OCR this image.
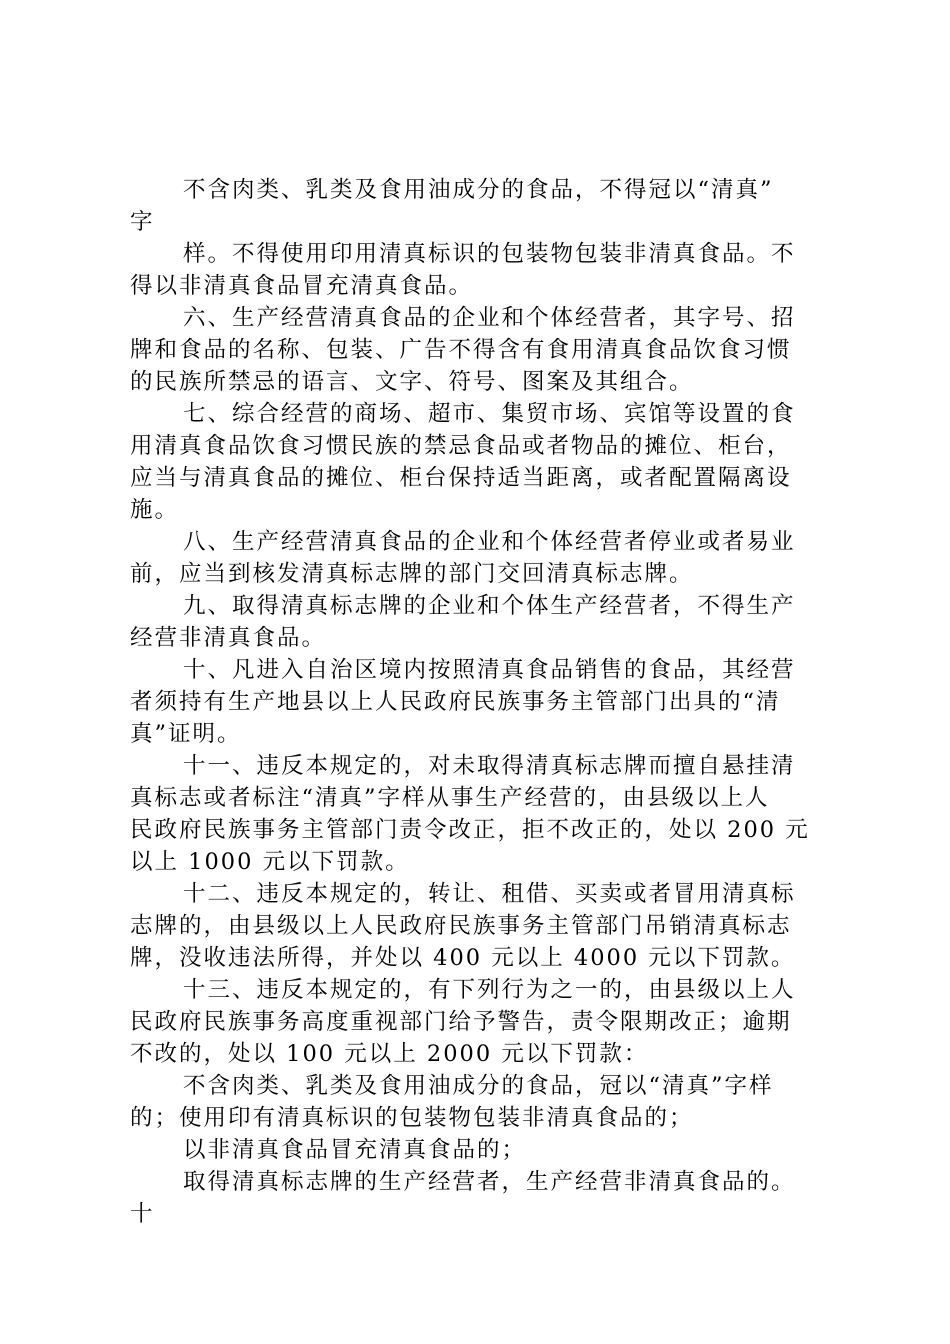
不含肉类、乳类及食用油成分的食品，不得冠以“清真”
字
样。不得使用印用清真标识的包装物包装非清真食品。不
得以非清真食品冒充清真食品。
六、生产经营清真食品的企业和个体经营者，其字号、招
牌和食品的名称、包装、广告不得含有食用清真食品饮食习惯
的民族所禁忌的语言、文字、符号、图案及其组合。
七、综合经营的商场、超市、集贸市场、宾馆等设置的食
用清真食品饮食习惯民族的禁忌食品或者物品的摊位、柜台，
应当与清真食品的摊位、柜台保持适当距离，或者配置隔离设
施。
八、生产经营清真食品的企业和个体经营者停业或者易业
前，应当到核发清真标志牌的部门交回清真标志牌。
九、取得清真标志牌的企业和个体生产经营者，不得生产
经营非清真食品。
十、凡进入自治区境内按照清真食品销售的食品，其经营
者须持有生产地县以上人民政府民族事务主管部门出具的“清
真”证明。
十一、违反本规定的，对未取得清真标志牌而擅自悬挂清
真标志或者标注“清真”字样从事生产经营的，由县级以上人
民政府民族事务主管部门责令改正，拒不改正的，处以 200 元
以上 1000 元以下罚款。
十二、违反本规定的，转让、租借、买卖或者冒用清真标
志牌的，由县级以上人民政府民族事务主管部门吊销清真标志
牌，没收违法所得，并处以 400 元以上 4000 元以下罚款。
十三、违反本规定的，有下列行为之一的，由县级以上人
民政府民族事务高度重视部门给予警告，责令限期改正；逾期
不改的，处以 100 元以上 2000 元以下罚款：
不含肉类、乳类及食用油成分的食品，冠以“清真”字样
的；使用印有清真标识的包装物包装非清真食品的；
以非清真食品冒充清真食品的；
取得清真标志牌的生产经营者，生产经营非清真食品的。
十
